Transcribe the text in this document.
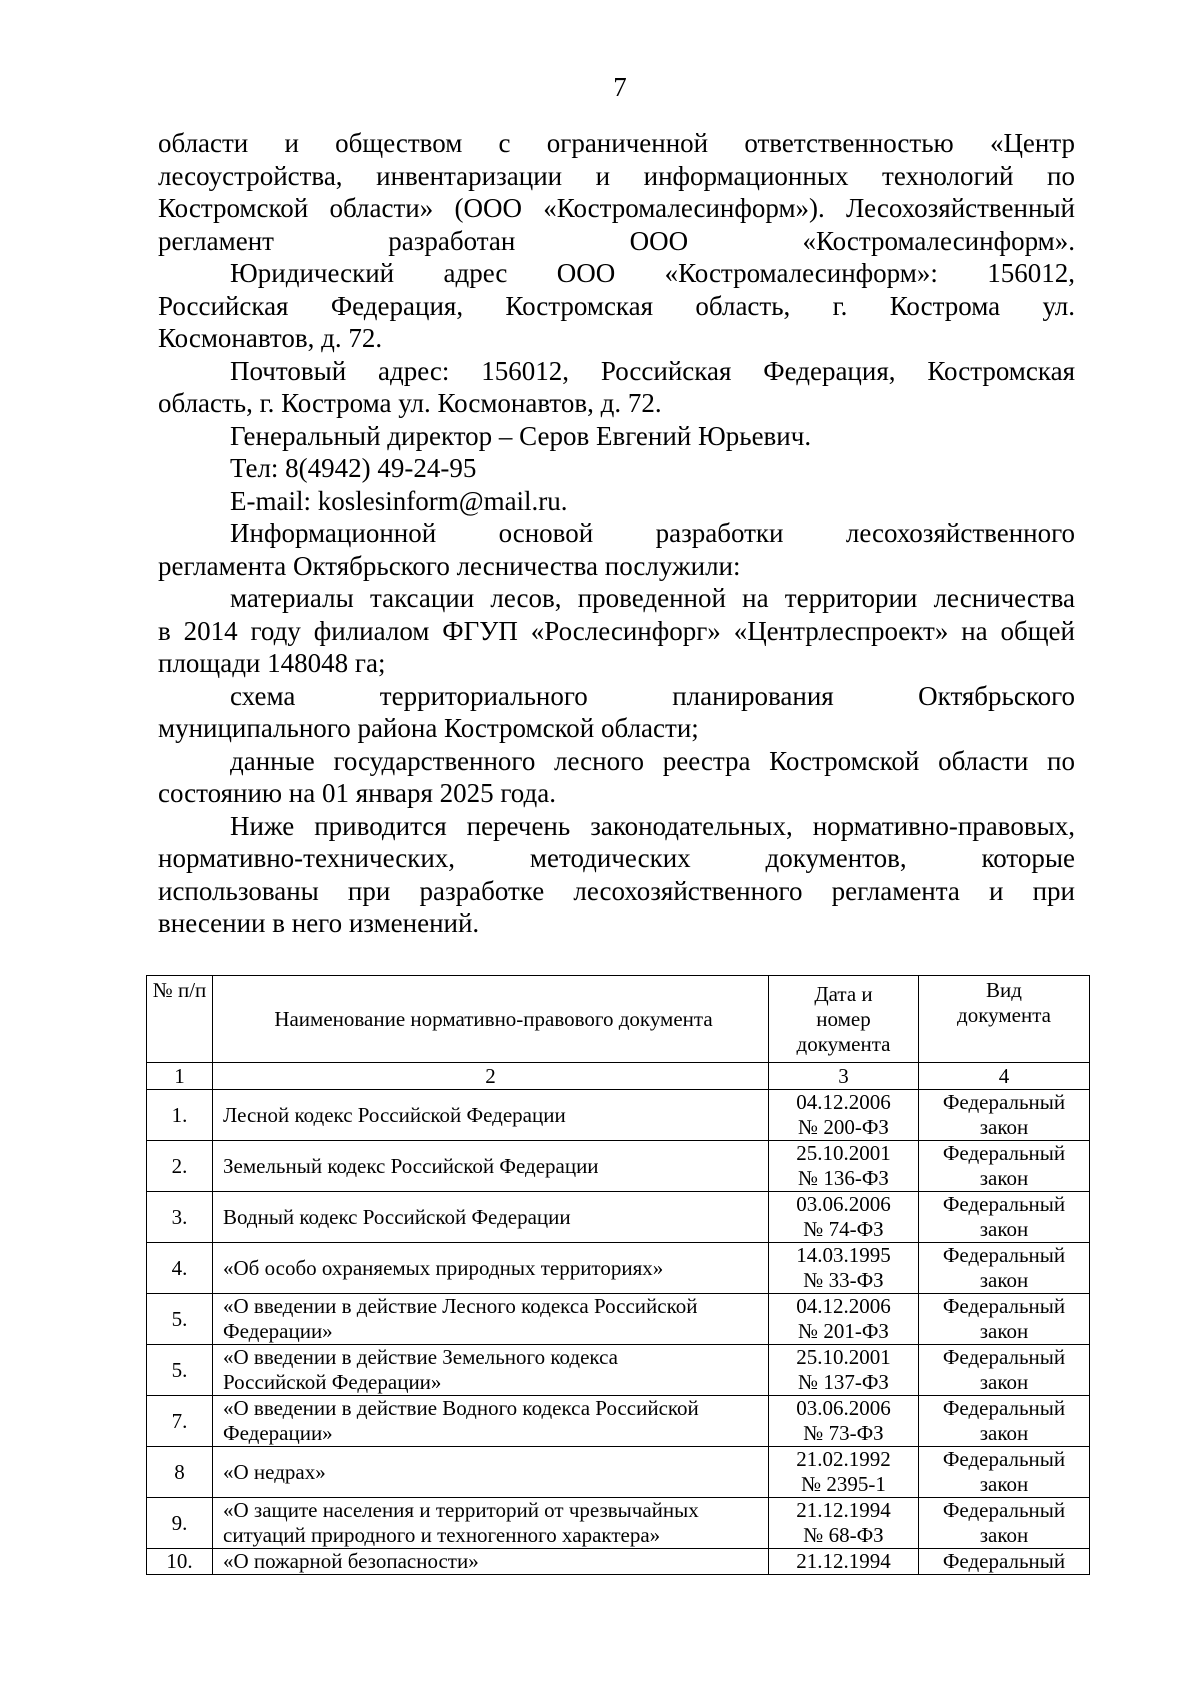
7

области и обществом с ограниченной ответственностью «Центр
лесоустройства, инвентаризации и информационных технологий по
Костромской области» (ООО «Костромалесинформ»). Лесохозяйственный
регламент разработан ООО «Костромалесинформ».

Юридический адрес ООО «Костромалесинформ»: 156012,
Российская Федерация, Костромская область, г. Кострома ул.
Космонавтов, д. 72.

Почтовый адрес: 156012, Российская Федерация, Костромская
область, г. Кострома ул. Космонавтов, д. 72.

Генеральный директор – Серов Евгений Юрьевич.

Тел: 8(4942) 49-24-95

E-mail: koslesinform@mail.ru.

Информационной основой разработки лесохозяйственного
регламента Октябрьского лесничества послужили:

материалы таксации лесов, проведенной на территории лесничества
в 2014 году филиалом ФГУП «Рослесинфорг» «Центрлеспроект» на общей
площади 148048 га;

схема территориального планирования Октябрьского
муниципального района Костромской области;

данные государственного лесного реестра Костромской области по
состоянию на 01 января 2025 года.

Ниже приводится перечень законодательных, нормативно-правовых,
нормативно-технических, методических документов, которые
использованы при разработке лесохозяйственного регламента и при
внесении в него изменений.

№ п/п	Наименование нормативно-правового документа	Дата и
номер
документа	Вид
документа

1	2	3	4
1.	Лесной кодекс Российской Федерации	04.12.2006
№ 200-ФЗ	Федеральный
закон

2.	Земельный кодекс Российской Федерации	25.10.2001
№ 136-ФЗ	Федеральный
закон

3.	Водный кодекс Российской Федерации	03.06.2006
№ 74-ФЗ	Федеральный
закон

4.	«Об особо охраняемых природных территориях»	14.03.1995
№ 33-ФЗ	Федеральный
закон

5.	«О введении в действие Лесного кодекса Российской
Федерации»	04.12.2006
№ 201-ФЗ	Федеральный
закон

5.	«О введении в действие Земельного кодекса
Российской Федерации»	25.10.2001
№ 137-ФЗ	Федеральный
закон

7.	«О введении в действие Водного кодекса Российской
Федерации»	03.06.2006
№ 73-ФЗ	Федеральный
закон

8	«О недрах»	21.02.1992
№ 2395-1	Федеральный
закон

9.	«О защите населения и территорий от чрезвычайных
ситуаций природного и техногенного характера»	21.12.1994
№ 68-ФЗ	Федеральный
закон

10.	«О пожарной безопасности»	21.12.1994	Федеральный
